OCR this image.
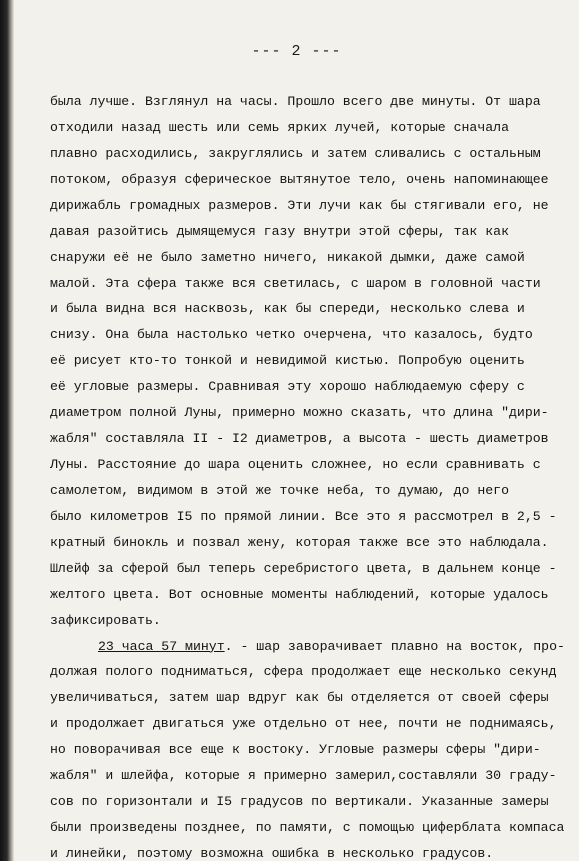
--- 2 ---
была лучше. Взглянул на часы. Прошло всего две минуты. От шара
отходили назад шесть или семь ярких лучей, которые сначала
плавно расходились, закруглялись и затем сливались с остальным
потоком, образуя сферическое вытянутое тело, очень напоминающее
дирижабль громадных размеров. Эти лучи как бы стягивали его, не
давая разойтись дымящемуся газу внутри этой сферы, так как
снаружи её не было заметно ничего, никакой дымки, даже самой
малой. Эта сфера также вся светилась, с шаром в головной части
и была видна вся насквозь, как бы спереди, несколько слева и
снизу. Она была настолько четко очерчена, что казалось, будто
её рисует кто-то тонкой и невидимой кистью. Попробую оценить
её угловые размеры. Сравнивая эту хорошо наблюдаемую сферу с
диаметром полной Луны, примерно можно сказать, что длина "дири-
жабля" составляла II - I2 диаметров, а высота - шесть диаметров
Луны. Расстояние до шара оценить сложнее, но если сравнивать с
самолетом, видимом в этой же точке неба, то думаю, до него
было километров I5 по прямой линии. Все это я рассмотрел в 2,5 -
кратный бинокль и позвал жену, которая также все это наблюдала.
Шлейф за сферой был теперь серебристого цвета, в дальнем конце -
желтого цвета. Вот основные моменты наблюдений, которые удалось
зафиксировать.
23 часа 57 минут. - шар заворачивает плавно на восток, про-
должая полого подниматься, сфера продолжает еще несколько секунд
увеличиваться, затем шар вдруг как бы отделяется от своей сферы
и продолжает двигаться уже отдельно от нее, почти не поднимаясь,
но поворачивая все еще к востоку. Угловые размеры сферы "дири-
жабля" и шлейфа, которые я примерно замерил,составляли 30 граду-
сов по горизонтали и I5 градусов по вертикали. Указанные замеры
были произведены позднее, по памяти, с помощью циферблата компаса
и линейки, поэтому возможна ошибка в несколько градусов.
